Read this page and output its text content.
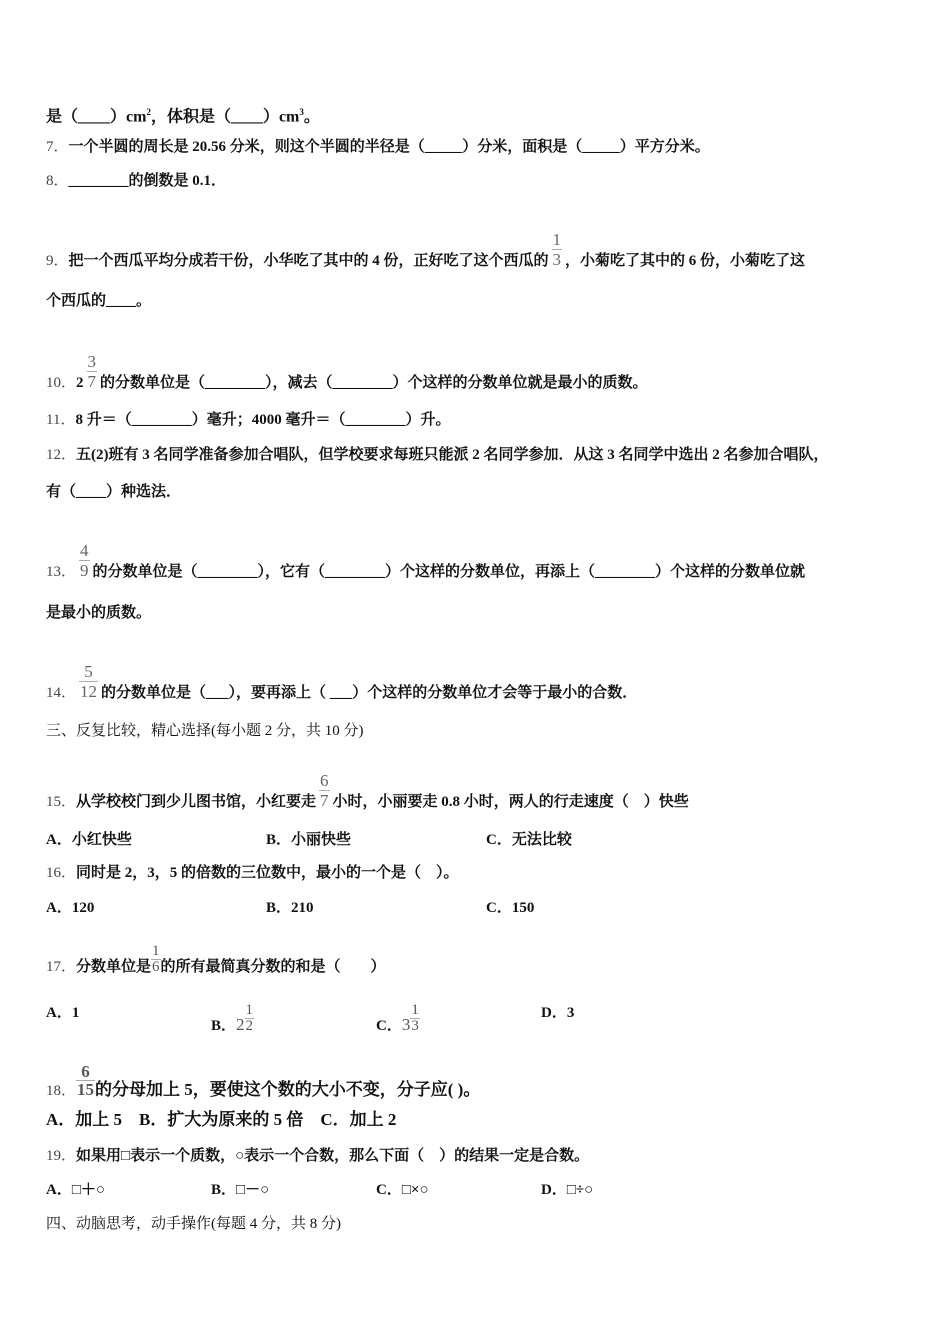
是$(\_\_\_\_)cm^2$，体积是$(\_\_\_\_)cm^3$。
7．一个半圆的周长是 20.56 分米，则这个半圆的半径是（_____）分米，面积是（_____）平方分米。
8．________的倒数是 0.1．
9．把一个西瓜平均分成若干份，小华吃了其中的 4 份，正好吃了这个西瓜的 $\frac{1}{3}$ ，小菊吃了其中的 6 份，小菊吃了这
个西瓜的____。
10．$2 \frac{3}{7}$ 的分数单位是（________），减去（________）个这样的分数单位就是最小的质数。
11．8 升＝（________）毫升；4000 毫升＝（________）升。
12．五(2)班有 3 名同学准备参加合唱队，但学校要求每班只能派 2 名同学参加．从这 3 名同学中选出 2 名参加合唱队，
有（____）种选法．
13． $\frac{4}{9}$ 的分数单位是（________），它有（________）个这样的分数单位，再添上（________）个这样的分数单位就
是最小的质数。
14． $\frac{5}{12}$ 的分数单位是（___），要再添上（ ___）个这样的分数单位才会等于最小的合数．
三、反复比较，精心选择(每小题 2 分，共 10 分)
15．从学校校门到少儿图书馆，小红要走 $\frac{6}{7}$ 小时，小丽要走 0.8 小时，两人的行走速度（　）快些
A．小红快些	B．小丽快些	C．无法比较
16．同时是 2，3，5 的倍数的三位数中，最小的一个是（　）。
A．120	B．210	C．150
17．分数单位是 $\frac{1}{6}$ 的所有最简真分数的和是（　　）
A．1
B．$2 \frac{1}{2}$	C．$3 \frac{1}{3}$	D．3
18． $\frac{6}{15}$ 的分母加上 5，要使这个数的大小不变，分子应( )。
A．加上 5　B．扩大为原来的 5 倍　C．加上 2
19．如果用□表示一个质数，○表示一个合数，那么下面（　）的结果一定是合数。
A．□＋○	B．□－○	C．□×○	D．□÷○
四、动脑思考，动手操作(每题 4 分，共 8 分)
